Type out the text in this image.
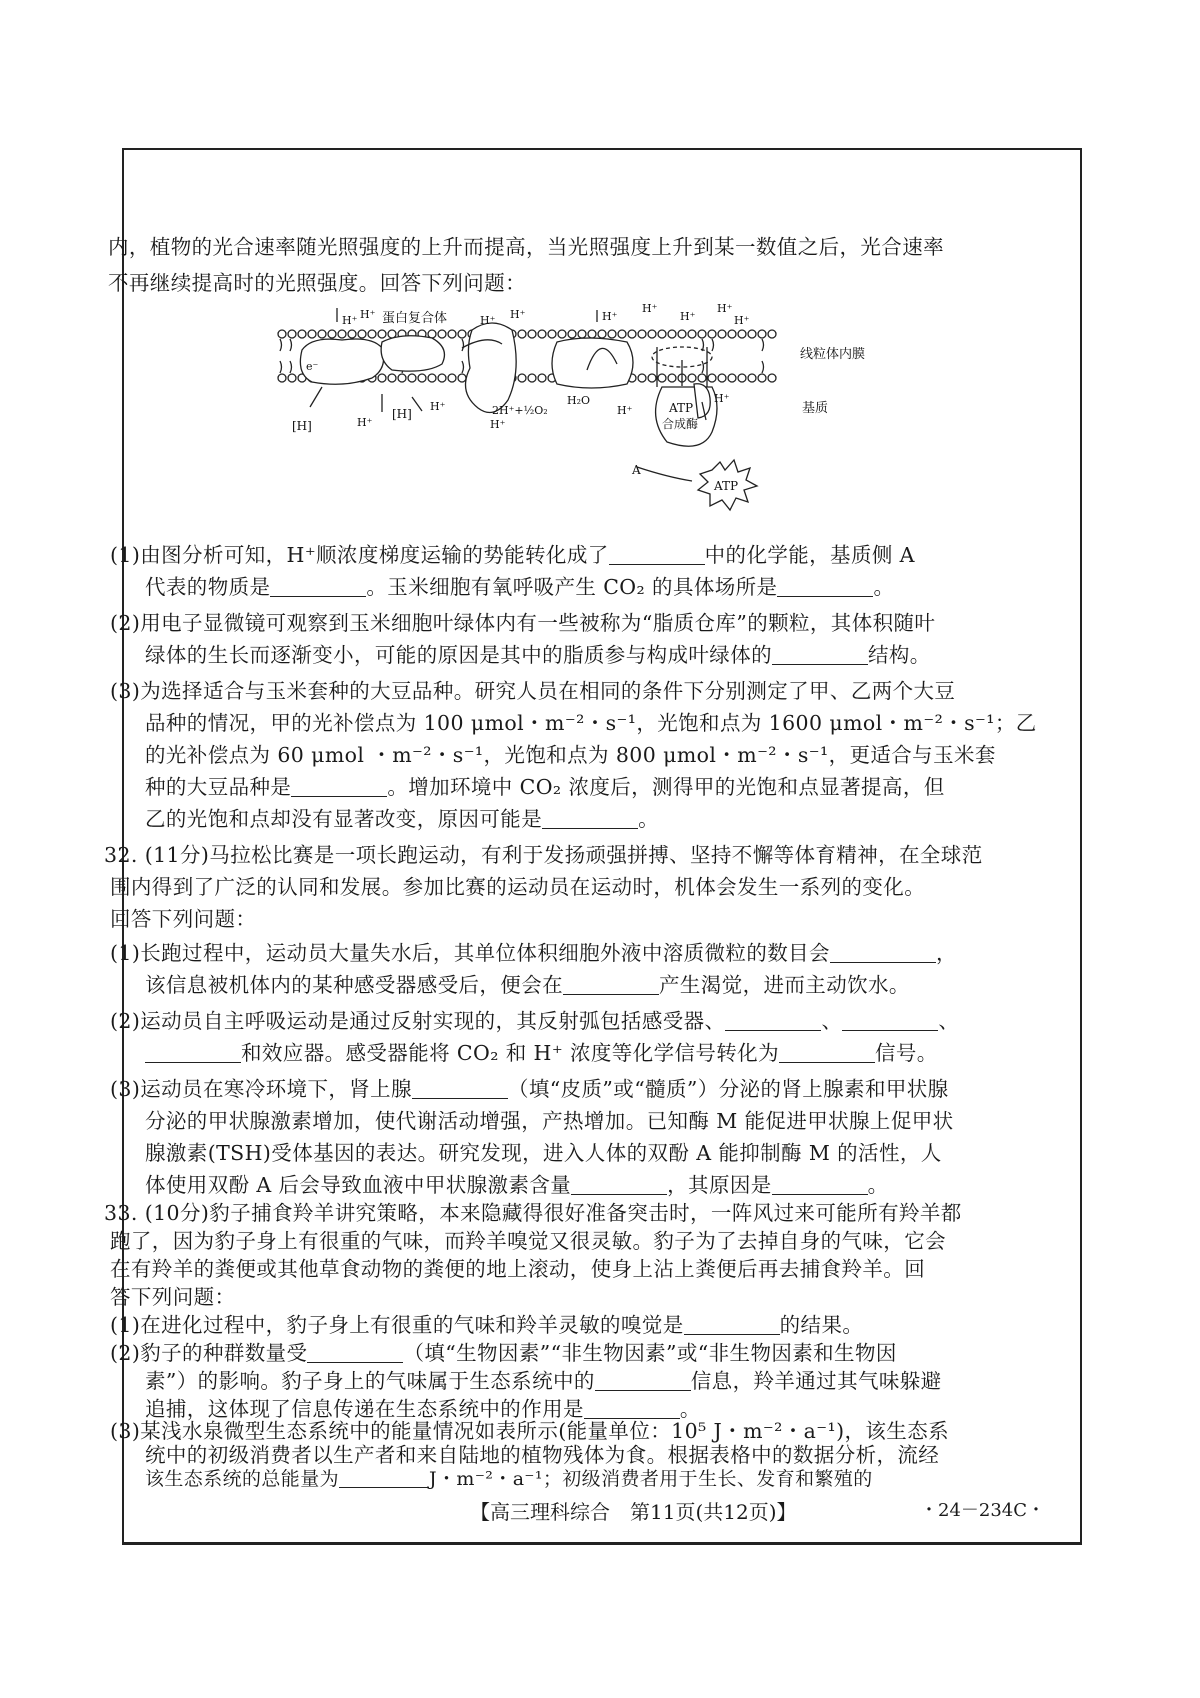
内，植物的光合速率随光照强度的上升而提高，当光照强度上升到某一数值之后，光合速率
不再继续提高时的光照强度。回答下列问题：
H⁺ H⁺ 蛋白复合体	H⁺ H⁺	H⁺
H⁺
H⁺
H⁺
H⁺
线粒体内膜
基质
e⁻
[H]
[H]
H⁺
H⁺	2H⁺+½O₂
H⁺
H₂O
H⁺
H⁺
ATP
合成酶
A
ATP
(1)由图分析可知，H⁺顺浓度梯度运输的势能转化成了	中的化学能，基质侧 A
代表的物质是	。玉米细胞有氧呼吸产生 CO₂ 的具体场所是	。
(2)用电子显微镜可观察到玉米细胞叶绿体内有一些被称为“脂质仓库”的颗粒，其体积随叶
绿体的生长而逐渐变小，可能的原因是其中的脂质参与构成叶绿体的	结构。
(3)为选择适合与玉米套种的大豆品种。研究人员在相同的条件下分别测定了甲、乙两个大豆
品种的情况，甲的光补偿点为 100 μmol・m⁻²・s⁻¹，光饱和点为 1600 μmol・m⁻²・s⁻¹；乙
的光补偿点为 60 μmol ・m⁻²・s⁻¹，光饱和点为 800 μmol・m⁻²・s⁻¹，更适合与玉米套
种的大豆品种是	。增加环境中 CO₂ 浓度后，测得甲的光饱和点显著提高，但
乙的光饱和点却没有显著改变，原因可能是	。
32. (11分)马拉松比赛是一项长跑运动，有利于发扬顽强拼搏、坚持不懈等体育精神，在全球范
围内得到了广泛的认同和发展。参加比赛的运动员在运动时，机体会发生一系列的变化。
回答下列问题：
(1)长跑过程中，运动员大量失水后，其单位体积细胞外液中溶质微粒的数目会	，
该信息被机体内的某种感受器感受后，便会在	产生渴觉，进而主动饮水。
(2)运动员自主呼吸运动是通过反射实现的，其反射弧包括感受器、	、	、
和效应器。感受器能将 CO₂ 和 H⁺ 浓度等化学信号转化为	信号。
(3)运动员在寒冷环境下，肾上腺	（填“皮质”或“髓质”）分泌的肾上腺素和甲状腺
分泌的甲状腺激素增加，使代谢活动增强，产热增加。已知酶 M 能促进甲状腺上促甲状
腺激素(TSH)受体基因的表达。研究发现，进入人体的双酚 A 能抑制酶 M 的活性，人
体使用双酚 A 后会导致血液中甲状腺激素含量	，其原因是	。
33. (10分)豹子捕食羚羊讲究策略，本来隐藏得很好准备突击时，一阵风过来可能所有羚羊都
跑了，因为豹子身上有很重的气味，而羚羊嗅觉又很灵敏。豹子为了去掉自身的气味，它会
在有羚羊的粪便或其他草食动物的粪便的地上滚动，使身上沾上粪便后再去捕食羚羊。回
答下列问题：
(1)在进化过程中，豹子身上有很重的气味和羚羊灵敏的嗅觉是	的结果。
(2)豹子的种群数量受	（填“生物因素”“非生物因素”或“非生物因素和生物因
素”）的影响。豹子身上的气味属于生态系统中的	信息，羚羊通过其气味躲避
追捕，这体现了信息传递在生态系统中的作用是	。
【高三理科综合　第11页(共12页)】	・24－234C・
(3)某浅水泉微型生态系统中的能量情况如表所示(能量单位：10⁵ J・m⁻²・a⁻¹)，该生态系
统中的初级消费者以生产者和来自陆地的植物残体为食。根据表格中的数据分析，流经
该生态系统的总能量为	J・m⁻²・a⁻¹；初级消费者用于生长、发育和繁殖的
